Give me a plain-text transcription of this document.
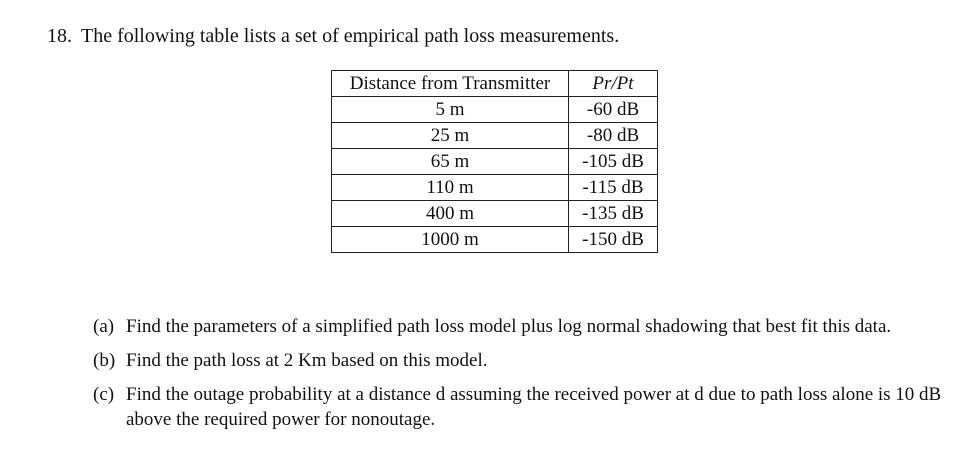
18. The following table lists a set of empirical path loss measurements.
Distance from Transmitter	Pr/Pt
5 m	-60 dB
25 m	-80 dB
65 m	-105 dB
110 m	-115 dB
400 m	-135 dB
1000 m	-150 dB
(a) Find the parameters of a simplified path loss model plus log normal shadowing that best fit this data.
(b) Find the path loss at 2 Km based on this model.
(c) Find the outage probability at a distance d assuming the received power at d due to path loss alone is 10 dB above the required power for nonoutage.
